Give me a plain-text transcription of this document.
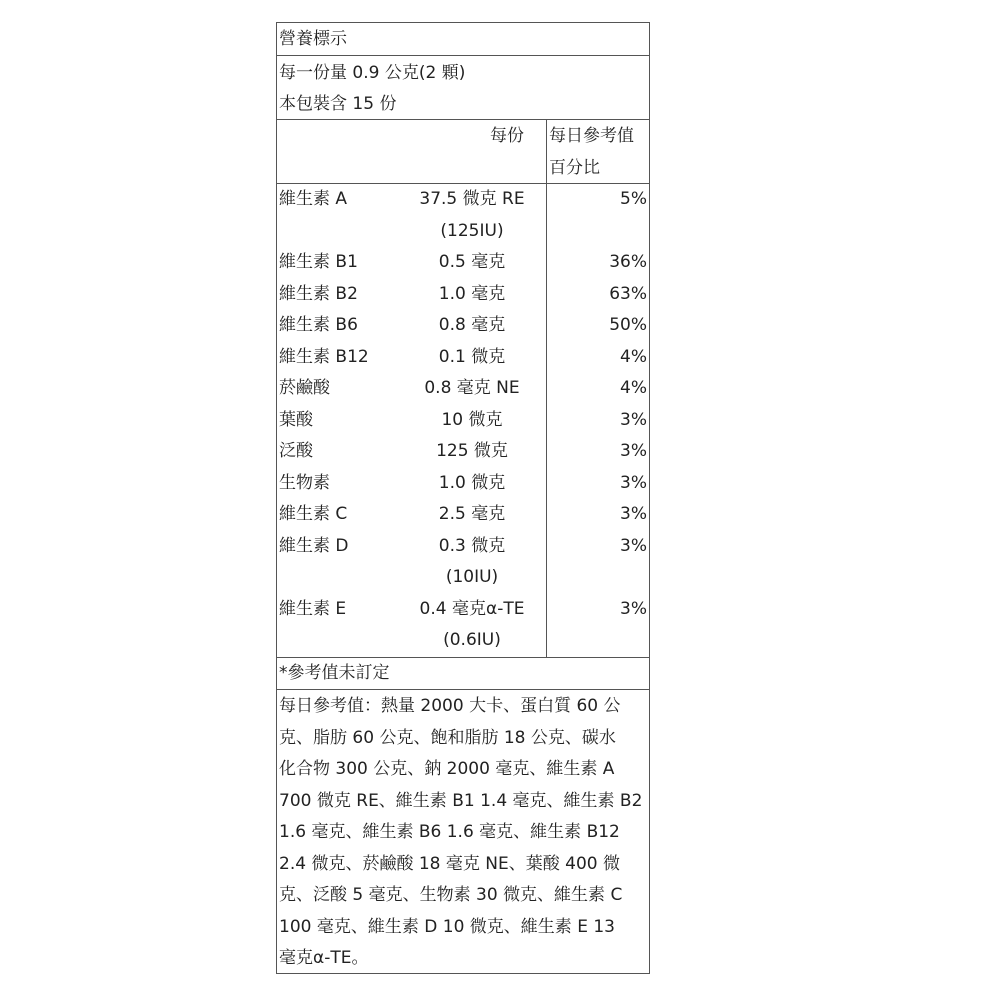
營養標示
每一份量 0.9 公克(2 顆)
本包裝含 15 份
每份	每日參考值
百分比
維生素 A	37.5 微克 RE	5%
(125IU)
維生素 B1	0.5 毫克	36%
維生素 B2	1.0 毫克	63%
維生素 B6	0.8 毫克	50%
維生素 B12	0.1 微克	4%
菸鹼酸	0.8 毫克 NE	4%
葉酸	10 微克	3%
泛酸	125 微克	3%
生物素	1.0 微克	3%
維生素 C	2.5 毫克	3%
維生素 D	0.3 微克	3%
(10IU)
維生素 E	0.4 毫克α-TE	3%
(0.6IU)
*參考值未訂定
每日參考值：熱量 2000 大卡、蛋白質 60 公
克、脂肪 60 公克、飽和脂肪 18 公克、碳水
化合物 300 公克、鈉 2000 毫克、維生素 A
700 微克 RE、維生素 B1 1.4 毫克、維生素 B2
1.6 毫克、維生素 B6 1.6 毫克、維生素 B12
2.4 微克、菸鹼酸 18 毫克 NE、葉酸 400 微
克、泛酸 5 毫克、生物素 30 微克、維生素 C
100 毫克、維生素 D 10 微克、維生素 E 13
毫克α-TE。
